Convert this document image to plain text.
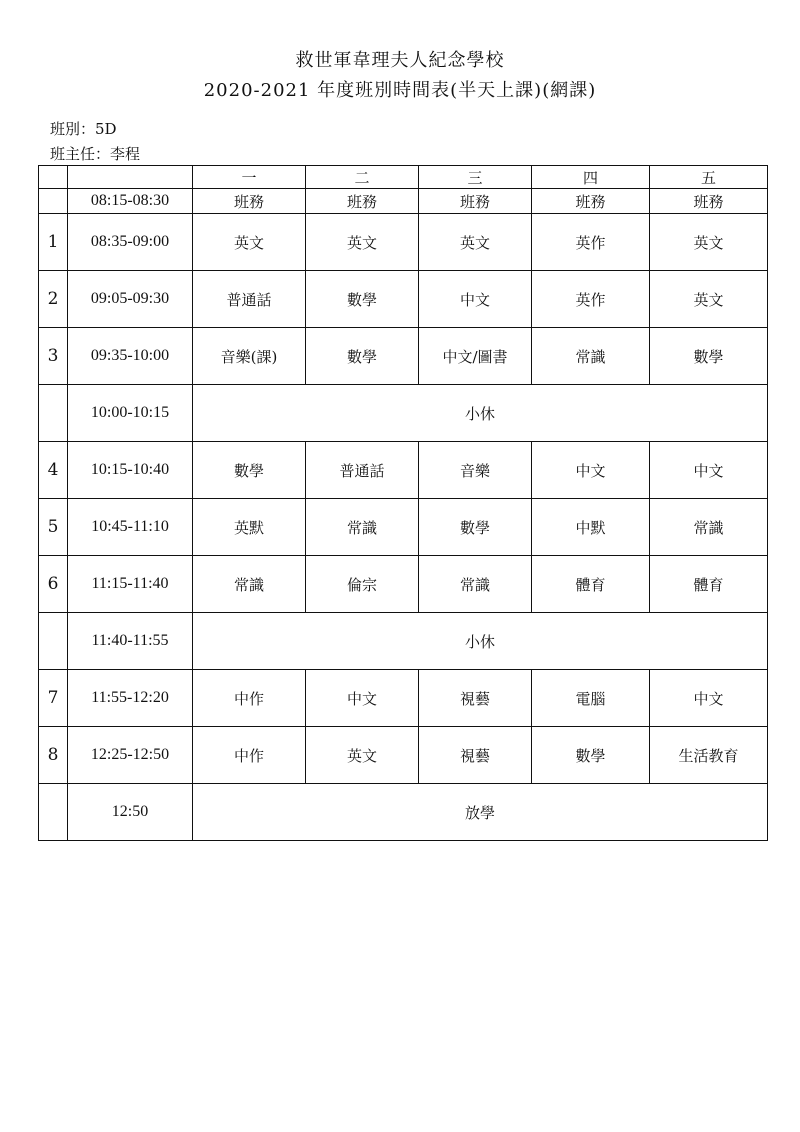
救世軍韋理夫人紀念學校
2020-2021 年度班別時間表(半天上課)(網課)
班別：5D
班主任：李程
		一	二	三	四	五
	08:15-08:30	班務	班務	班務	班務	班務
1	08:35-09:00	英文	英文	英文	英作	英文
2	09:05-09:30	普通話	數學	中文	英作	英文
3	09:35-10:00	音樂(課)	數學	中文/圖書	常識	數學
	10:00-10:15	小休				
4	10:15-10:40	數學	普通話	音樂	中文	中文
5	10:45-11:10	英默	常識	數學	中默	常識
6	11:15-11:40	常識	倫宗	常識	體育	體育
	11:40-11:55	小休				
7	11:55-12:20	中作	中文	視藝	電腦	中文
8	12:25-12:50	中作	英文	視藝	數學	生活教育
	12:50	放學				
